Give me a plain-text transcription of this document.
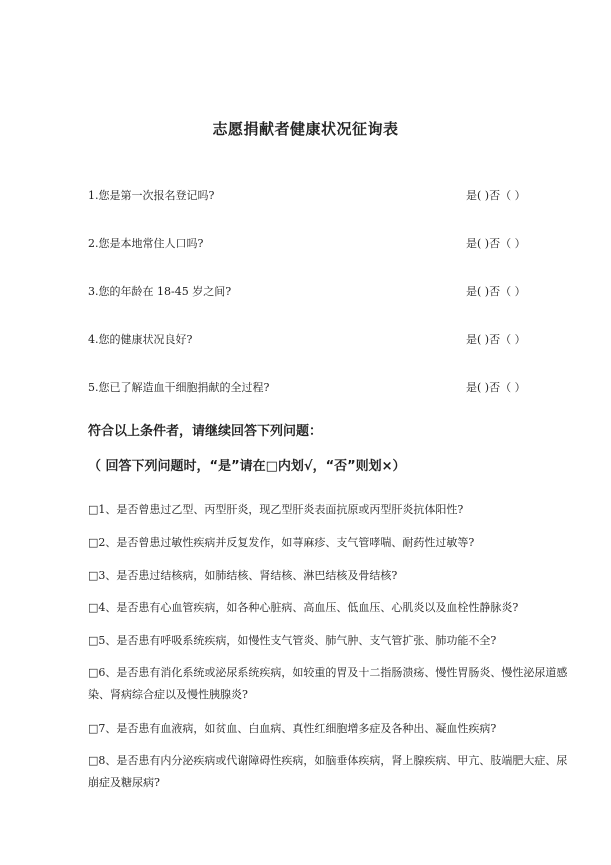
志愿捐献者健康状况征询表
1.您是第一次报名登记吗?	是( )否（ ）
2.您是本地常住人口吗?	是( )否（ ）
3.您的年龄在 18-45 岁之间?	是( )否（ ）
4.您的健康状况良好?	是( )否（ ）
5.您已了解造血干细胞捐献的全过程?	是( )否（ ）
符合以上条件者，请继续回答下列问题：
（ 回答下列问题时，“是”请在□内划√，“否”则划×）
□1、是否曾患过乙型、丙型肝炎，现乙型肝炎表面抗原或丙型肝炎抗体阳性?
□2、是否曾患过敏性疾病并反复发作，如荨麻疹、支气管哮喘、耐药性过敏等?
□3、是否患过结核病，如肺结核、肾结核、淋巴结核及骨结核?
□4、是否患有心血管疾病，如各种心脏病、高血压、低血压、心肌炎以及血栓性静脉炎?
□5、是否患有呼吸系统疾病，如慢性支气管炎、肺气肿、支气管扩张、肺功能不全?
□6、是否患有消化系统或泌尿系统疾病，如较重的胃及十二指肠溃疡、慢性胃肠炎、慢性泌尿道感染、肾病综合症以及慢性胰腺炎?
□7、是否患有血液病，如贫血、白血病、真性红细胞增多症及各种出、凝血性疾病?
□8、是否患有内分泌疾病或代谢障碍性疾病，如脑垂体疾病，肾上腺疾病、甲亢、肢端肥大症、尿崩症及糖尿病?
